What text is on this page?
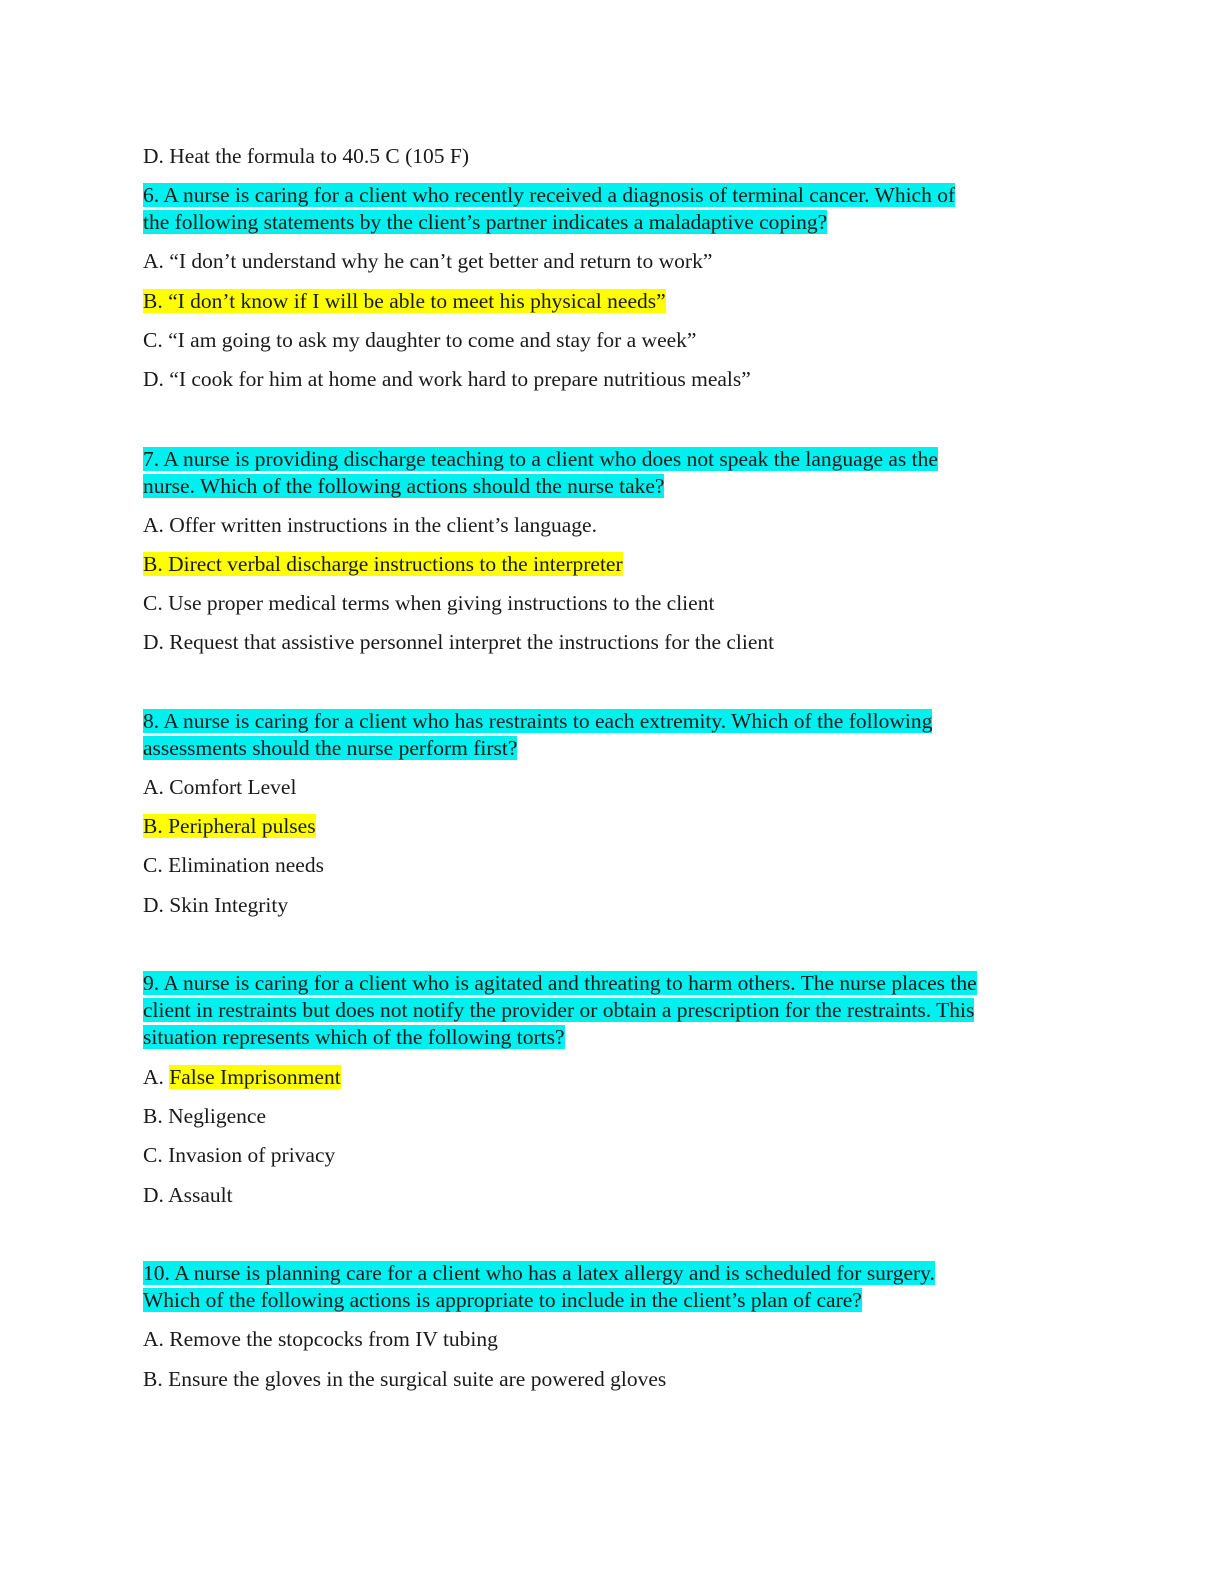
D. Heat the formula to 40.5 C (105 F)
6. A nurse is caring for a client who recently received a diagnosis of terminal cancer. Which of
the following statements by the client’s partner indicates a maladaptive coping?
A. “I don’t understand why he can’t get better and return to work”
B. “I don’t know if I will be able to meet his physical needs”
C. “I am going to ask my daughter to come and stay for a week”
D. “I cook for him at home and work hard to prepare nutritious meals”
7. A nurse is providing discharge teaching to a client who does not speak the language as the
nurse. Which of the following actions should the nurse take?
A. Offer written instructions in the client’s language.
B. Direct verbal discharge instructions to the interpreter
C. Use proper medical terms when giving instructions to the client
D. Request that assistive personnel interpret the instructions for the client
8. A nurse is caring for a client who has restraints to each extremity. Which of the following
assessments should the nurse perform first?
A. Comfort Level
B. Peripheral pulses
C. Elimination needs
D. Skin Integrity
9. A nurse is caring for a client who is agitated and threating to harm others. The nurse places the
client in restraints but does not notify the provider or obtain a prescription for the restraints. This
situation represents which of the following torts?
A. False Imprisonment
B. Negligence
C. Invasion of privacy
D. Assault
10. A nurse is planning care for a client who has a latex allergy and is scheduled for surgery.
Which of the following actions is appropriate to include in the client’s plan of care?
A. Remove the stopcocks from IV tubing
B. Ensure the gloves in the surgical suite are powered gloves
